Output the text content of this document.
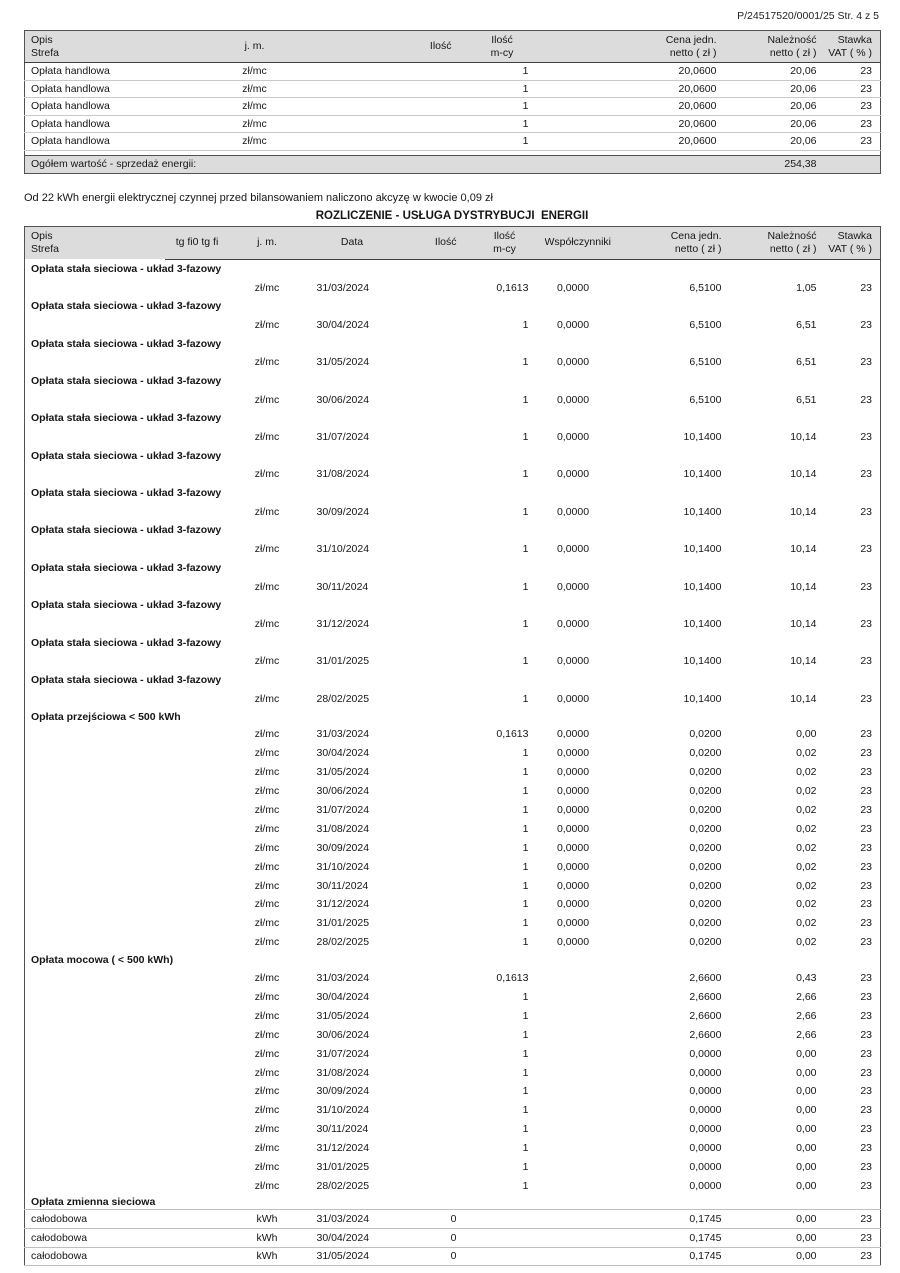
P/24517520/0001/25 Str. 4 z 5
Opis
Strefa

j. m.	Ilość

Ilość
m-cy

Cena jedn.
netto ( zł )

Należność
netto ( zł )

Stawka
VAT ( % )

Opłata handlowa	zł/mc		1	20,0600	20,06	23
Opłata handlowa	zł/mc		1	20,0600	20,06	23
Opłata handlowa	zł/mc		1	20,0600	20,06	23
Opłata handlowa	zł/mc		1	20,0600	20,06	23
Opłata handlowa	zł/mc		1	20,0600	20,06	23

Ogółem wartość - sprzedaż energii:				254,38		
Od 22 kWh energii elektrycznej czynnej przed bilansowaniem naliczono akcyzę w kwocie 0,09 zł
ROZLICZENIE - USŁUGA DYSTRYBUCJI  ENERGII
Opis
Strefa

tg fi0 tg fi	j. m.	Data	Ilość

Ilość
m-cy

Współczynniki

Cena jedn.
netto ( zł )

Należność
netto ( zł )

Stawka
VAT ( % )

Opłata stała sieciowa - układ 3-fazowy									
		zł/mc	31/03/2024		0,1613	0,0000	6,5100	1,05	23
Opłata stała sieciowa - układ 3-fazowy									
		zł/mc	30/04/2024		1	0,0000	6,5100	6,51	23
Opłata stała sieciowa - układ 3-fazowy									
		zł/mc	31/05/2024		1	0,0000	6,5100	6,51	23
Opłata stała sieciowa - układ 3-fazowy									
		zł/mc	30/06/2024		1	0,0000	6,5100	6,51	23
Opłata stała sieciowa - układ 3-fazowy									
		zł/mc	31/07/2024		1	0,0000	10,1400	10,14	23
Opłata stała sieciowa - układ 3-fazowy									
		zł/mc	31/08/2024		1	0,0000	10,1400	10,14	23
Opłata stała sieciowa - układ 3-fazowy									
		zł/mc	30/09/2024		1	0,0000	10,1400	10,14	23
Opłata stała sieciowa - układ 3-fazowy									
		zł/mc	31/10/2024		1	0,0000	10,1400	10,14	23
Opłata stała sieciowa - układ 3-fazowy									
		zł/mc	30/11/2024		1	0,0000	10,1400	10,14	23
Opłata stała sieciowa - układ 3-fazowy									
		zł/mc	31/12/2024		1	0,0000	10,1400	10,14	23
Opłata stała sieciowa - układ 3-fazowy									
		zł/mc	31/01/2025		1	0,0000	10,1400	10,14	23
Opłata stała sieciowa - układ 3-fazowy									
		zł/mc	28/02/2025		1	0,0000	10,1400	10,14	23
Opłata przejściowa < 500 kWh									
		zł/mc	31/03/2024		0,1613	0,0000	0,0200	0,00	23
		zł/mc	30/04/2024		1	0,0000	0,0200	0,02	23
		zł/mc	31/05/2024		1	0,0000	0,0200	0,02	23
		zł/mc	30/06/2024		1	0,0000	0,0200	0,02	23
		zł/mc	31/07/2024		1	0,0000	0,0200	0,02	23
		zł/mc	31/08/2024		1	0,0000	0,0200	0,02	23
		zł/mc	30/09/2024		1	0,0000	0,0200	0,02	23
		zł/mc	31/10/2024		1	0,0000	0,0200	0,02	23
		zł/mc	30/11/2024		1	0,0000	0,0200	0,02	23
		zł/mc	31/12/2024		1	0,0000	0,0200	0,02	23
		zł/mc	31/01/2025		1	0,0000	0,0200	0,02	23
		zł/mc	28/02/2025		1	0,0000	0,0200	0,02	23
Opłata mocowa ( < 500 kWh)									
		zł/mc	31/03/2024		0,1613		2,6600	0,43	23
		zł/mc	30/04/2024		1		2,6600	2,66	23
		zł/mc	31/05/2024		1		2,6600	2,66	23
		zł/mc	30/06/2024		1		2,6600	2,66	23
		zł/mc	31/07/2024		1		0,0000	0,00	23
		zł/mc	31/08/2024		1		0,0000	0,00	23
		zł/mc	30/09/2024		1		0,0000	0,00	23
		zł/mc	31/10/2024		1		0,0000	0,00	23
		zł/mc	30/11/2024		1		0,0000	0,00	23
		zł/mc	31/12/2024		1		0,0000	0,00	23
		zł/mc	31/01/2025		1		0,0000	0,00	23
		zł/mc	28/02/2025		1		0,0000	0,00	23
Opłata zmienna sieciowa									
całodobowa		kWh	31/03/2024	0			0,1745	0,00	23
całodobowa		kWh	30/04/2024	0			0,1745	0,00	23
całodobowa		kWh	31/05/2024	0			0,1745	0,00	23
